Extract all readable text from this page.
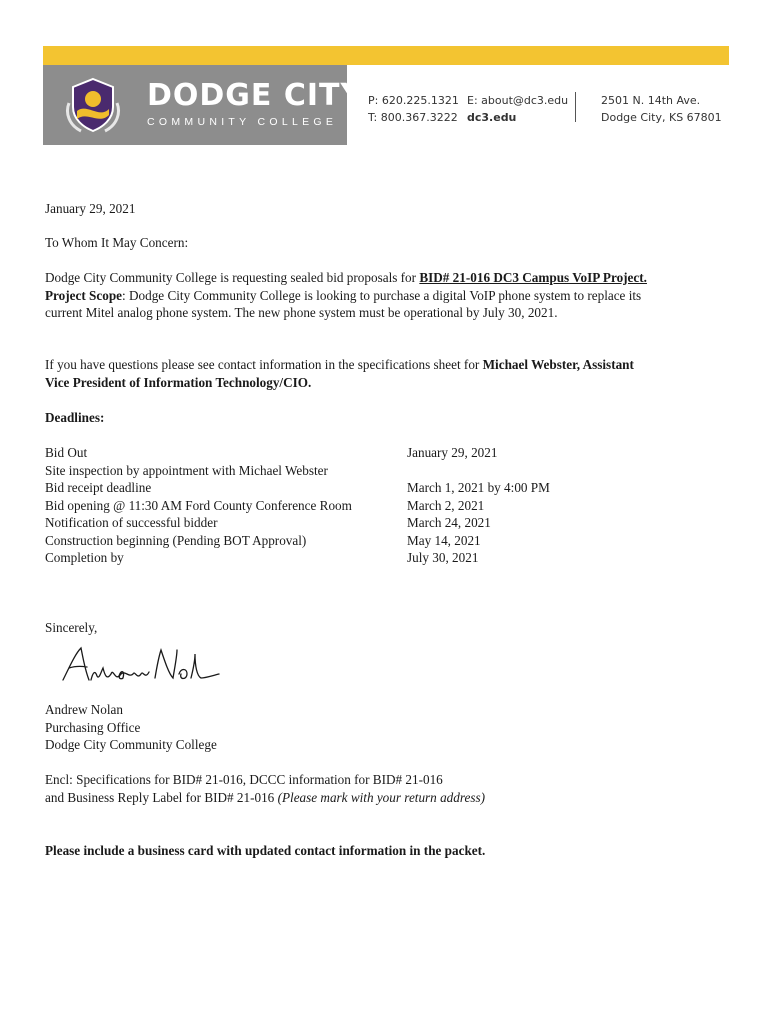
DODGE CITY
COMMUNITY COLLEGE
P: 620.225.1321
T: 800.367.3222
E: about@dc3.edu
dc3.edu
2501 N. 14th Ave.
Dodge City, KS 67801
January 29, 2021
To Whom It May Concern:
Dodge City Community College is requesting sealed bid proposals for BID# 21-016 DC3 Campus VoIP Project.
Project Scope: Dodge City Community College is looking to purchase a digital VoIP phone system to replace its
current Mitel analog phone system. The new phone system must be operational by July 30, 2021.
If you have questions please see contact information in the specifications sheet for Michael Webster, Assistant
Vice President of Information Technology/CIO.
Deadlines:
Bid Out	January 29, 2021
Site inspection by appointment with Michael Webster
Bid receipt deadline	March 1, 2021 by 4:00 PM
Bid opening @ 11:30 AM Ford County Conference Room	March 2, 2021
Notification of successful bidder	March 24, 2021
Construction beginning (Pending BOT Approval)	May 14, 2021
Completion by	July 30, 2021
Sincerely,
Andrew Nolan
Purchasing Office
Dodge City Community College
Encl: Specifications for BID# 21-016, DCCC information for BID# 21-016
and Business Reply Label for BID# 21-016 (Please mark with your return address)
Please include a business card with updated contact information in the packet.
